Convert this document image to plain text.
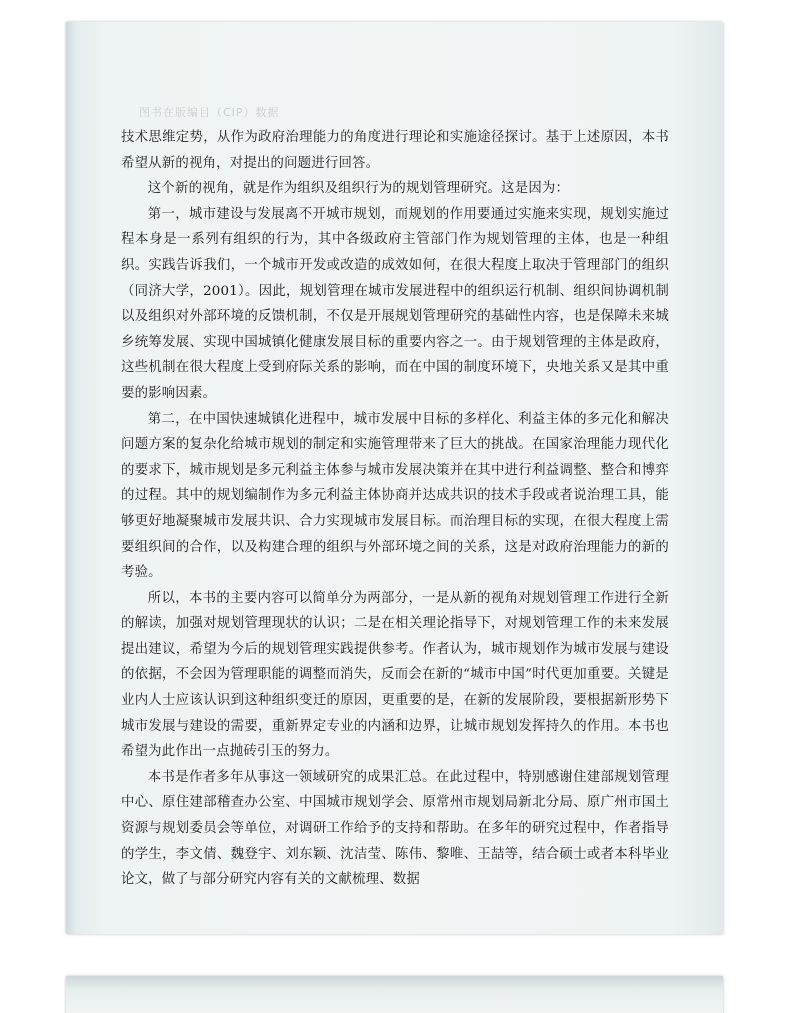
图书在版编目（CIP）数据

技术思维定势，从作为政府治理能力的角度进行理论和实施途径探讨。基于上述原因，本书希望从新的视角，对提出的问题进行回答。

这个新的视角，就是作为组织及组织行为的规划管理研究。这是因为：

第一，城市建设与发展离不开城市规划，而规划的作用要通过实施来实现，规划实施过程本身是一系列有组织的行为，其中各级政府主管部门作为规划管理的主体，也是一种组织。实践告诉我们，一个城市开发或改造的成效如何，在很大程度上取决于管理部门的组织（同济大学，2001）。因此，规划管理在城市发展进程中的组织运行机制、组织间协调机制以及组织对外部环境的反馈机制，不仅是开展规划管理研究的基础性内容，也是保障未来城乡统筹发展、实现中国城镇化健康发展目标的重要内容之一。由于规划管理的主体是政府，这些机制在很大程度上受到府际关系的影响，而在中国的制度环境下，央地关系又是其中重要的影响因素。

第二，在中国快速城镇化进程中，城市发展中目标的多样化、利益主体的多元化和解决问题方案的复杂化给城市规划的制定和实施管理带来了巨大的挑战。在国家治理能力现代化的要求下，城市规划是多元利益主体参与城市发展决策并在其中进行利益调整、整合和博弈的过程。其中的规划编制作为多元利益主体协商并达成共识的技术手段或者说治理工具，能够更好地凝聚城市发展共识、合力实现城市发展目标。而治理目标的实现，在很大程度上需要组织间的合作，以及构建合理的组织与外部环境之间的关系，这是对政府治理能力的新的考验。

所以，本书的主要内容可以简单分为两部分，一是从新的视角对规划管理工作进行全新的解读，加强对规划管理现状的认识；二是在相关理论指导下，对规划管理工作的未来发展提出建议，希望为今后的规划管理实践提供参考。作者认为，城市规划作为城市发展与建设的依据，不会因为管理职能的调整而消失，反而会在新的“城市中国”时代更加重要。关键是业内人士应该认识到这种组织变迁的原因，更重要的是，在新的发展阶段，要根据新形势下城市发展与建设的需要，重新界定专业的内涵和边界，让城市规划发挥持久的作用。本书也希望为此作出一点抛砖引玉的努力。

本书是作者多年从事这一领域研究的成果汇总。在此过程中，特别感谢住建部规划管理中心、原住建部稽查办公室、中国城市规划学会、原常州市规划局新北分局、原广州市国土资源与规划委员会等单位，对调研工作给予的支持和帮助。在多年的研究过程中，作者指导的学生，李文倩、魏登宇、刘东颖、沈洁莹、陈伟、黎唯、王喆等，结合硕士或者本科毕业论文，做了与部分研究内容有关的文献梳理、数据
